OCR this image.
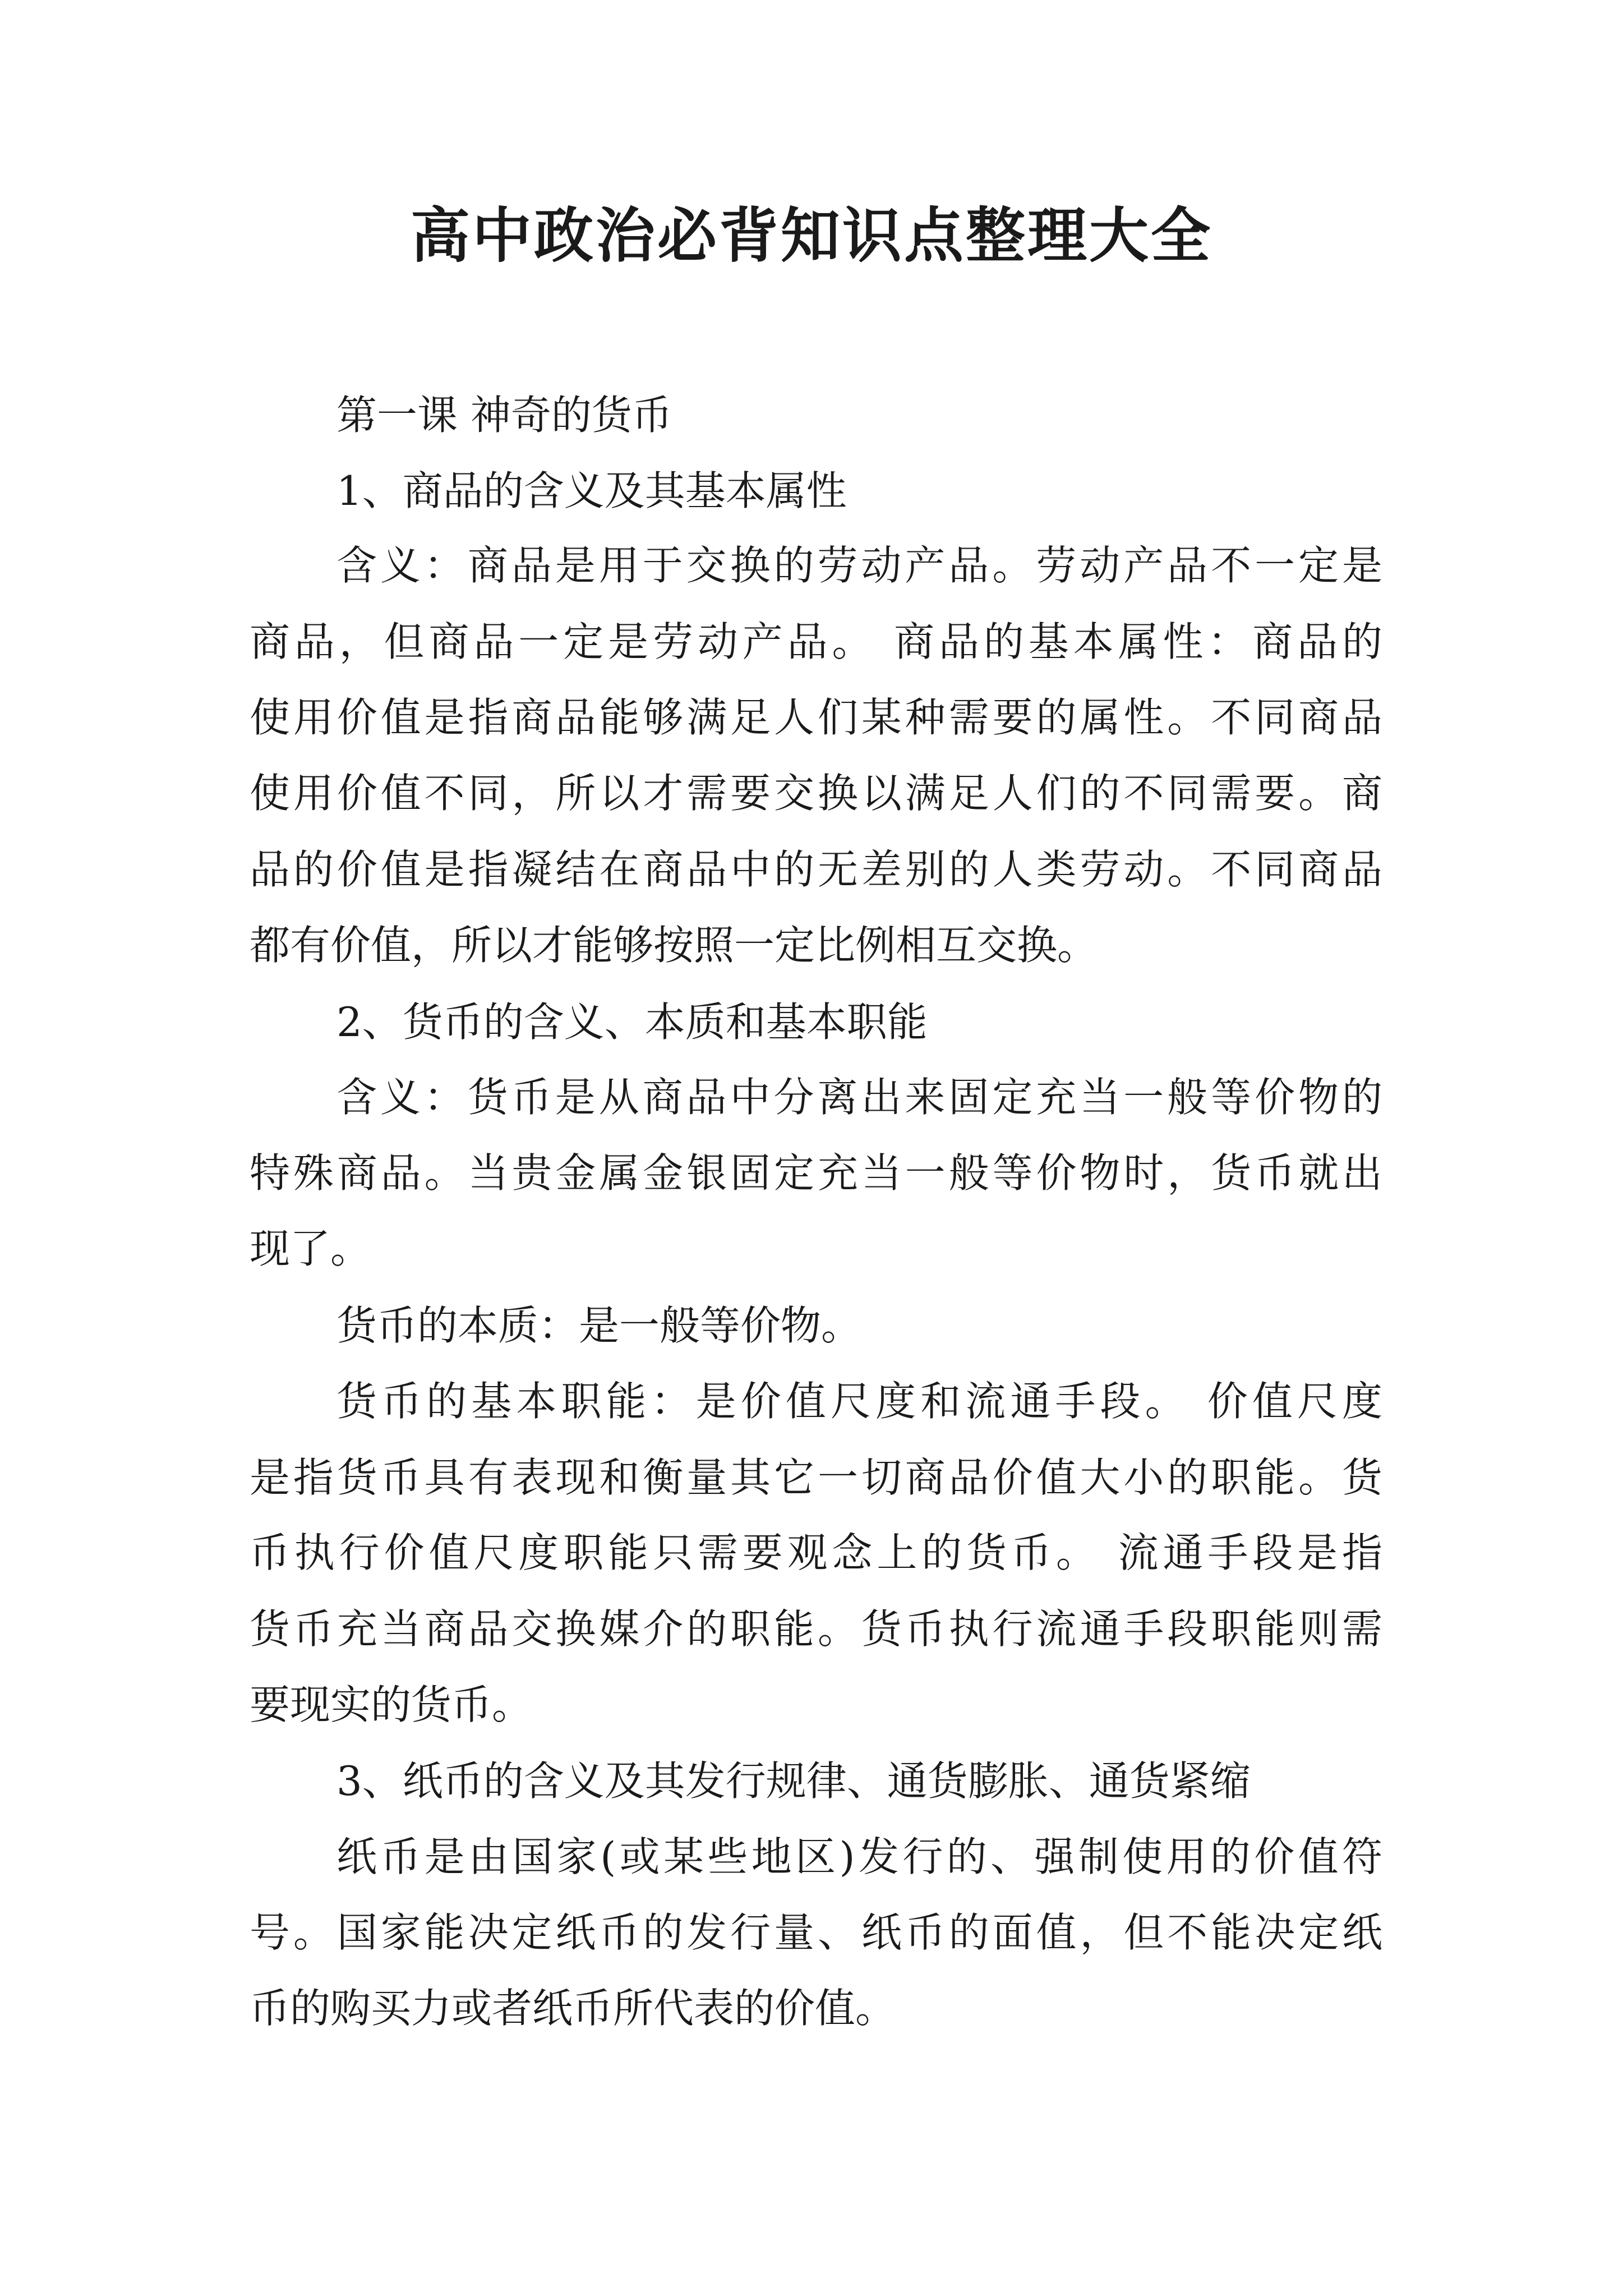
高中政治必背知识点整理大全
第一课 神奇的货币
1、商品的含义及其基本属性
含义：商品是用于交换的劳动产品。劳动产品不一定是
商品，但商品一定是劳动产品。 商品的基本属性：商品的
使用价值是指商品能够满足人们某种需要的属性。不同商品
使用价值不同，所以才需要交换以满足人们的不同需要。商
品的价值是指凝结在商品中的无差别的人类劳动。不同商品
都有价值，所以才能够按照一定比例相互交换。
2、货币的含义、本质和基本职能
含义：货币是从商品中分离出来固定充当一般等价物的
特殊商品。当贵金属金银固定充当一般等价物时，货币就出
现了。
货币的本质：是一般等价物。
货币的基本职能：是价值尺度和流通手段。 价值尺度
是指货币具有表现和衡量其它一切商品价值大小的职能。货
币执行价值尺度职能只需要观念上的货币。 流通手段是指
货币充当商品交换媒介的职能。货币执行流通手段职能则需
要现实的货币。
3、纸币的含义及其发行规律、通货膨胀、通货紧缩
纸币是由国家(或某些地区)发行的、强制使用的价值符
号。国家能决定纸币的发行量、纸币的面值，但不能决定纸
币的购买力或者纸币所代表的价值。
